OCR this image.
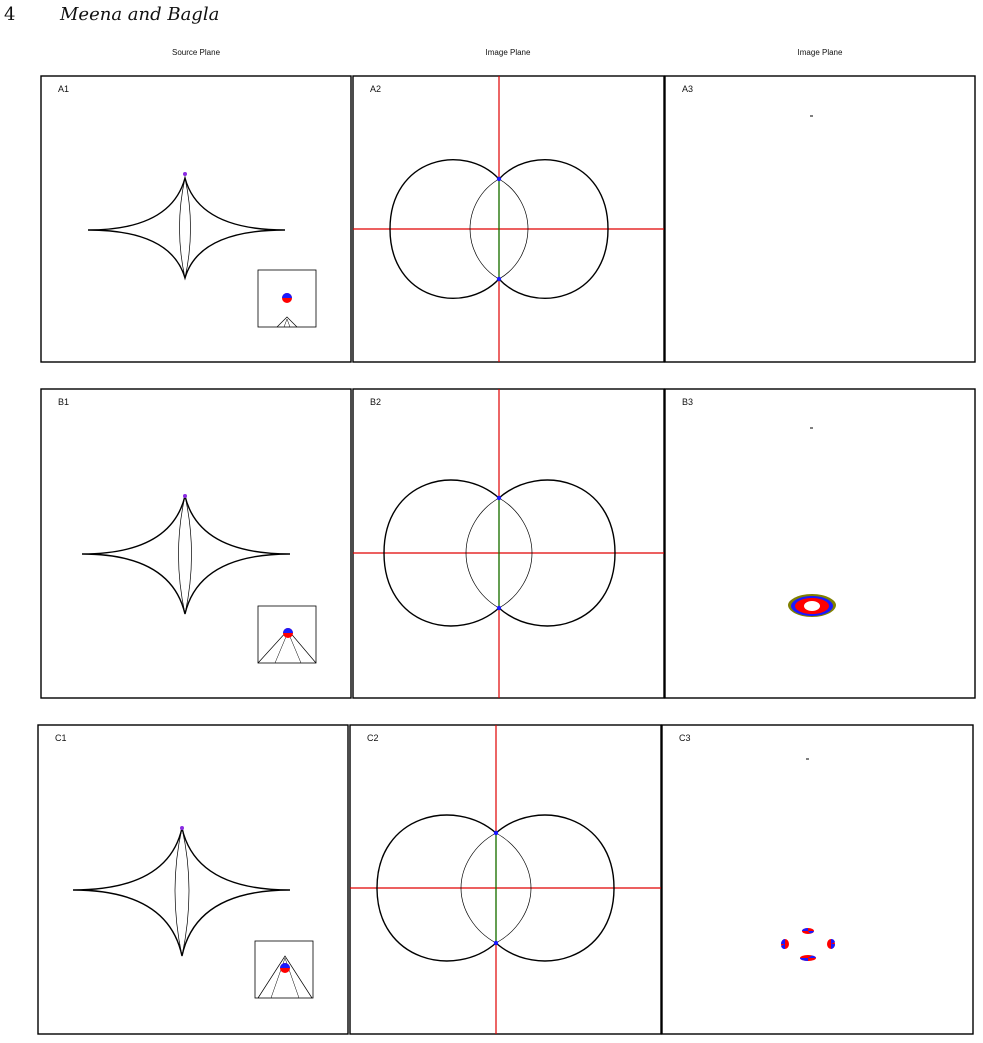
4 Meena and Bagla
Source Plane	Image Plane	Image Plane
A1	A2	A3
B1	B2	B3
C1	C2	C3
